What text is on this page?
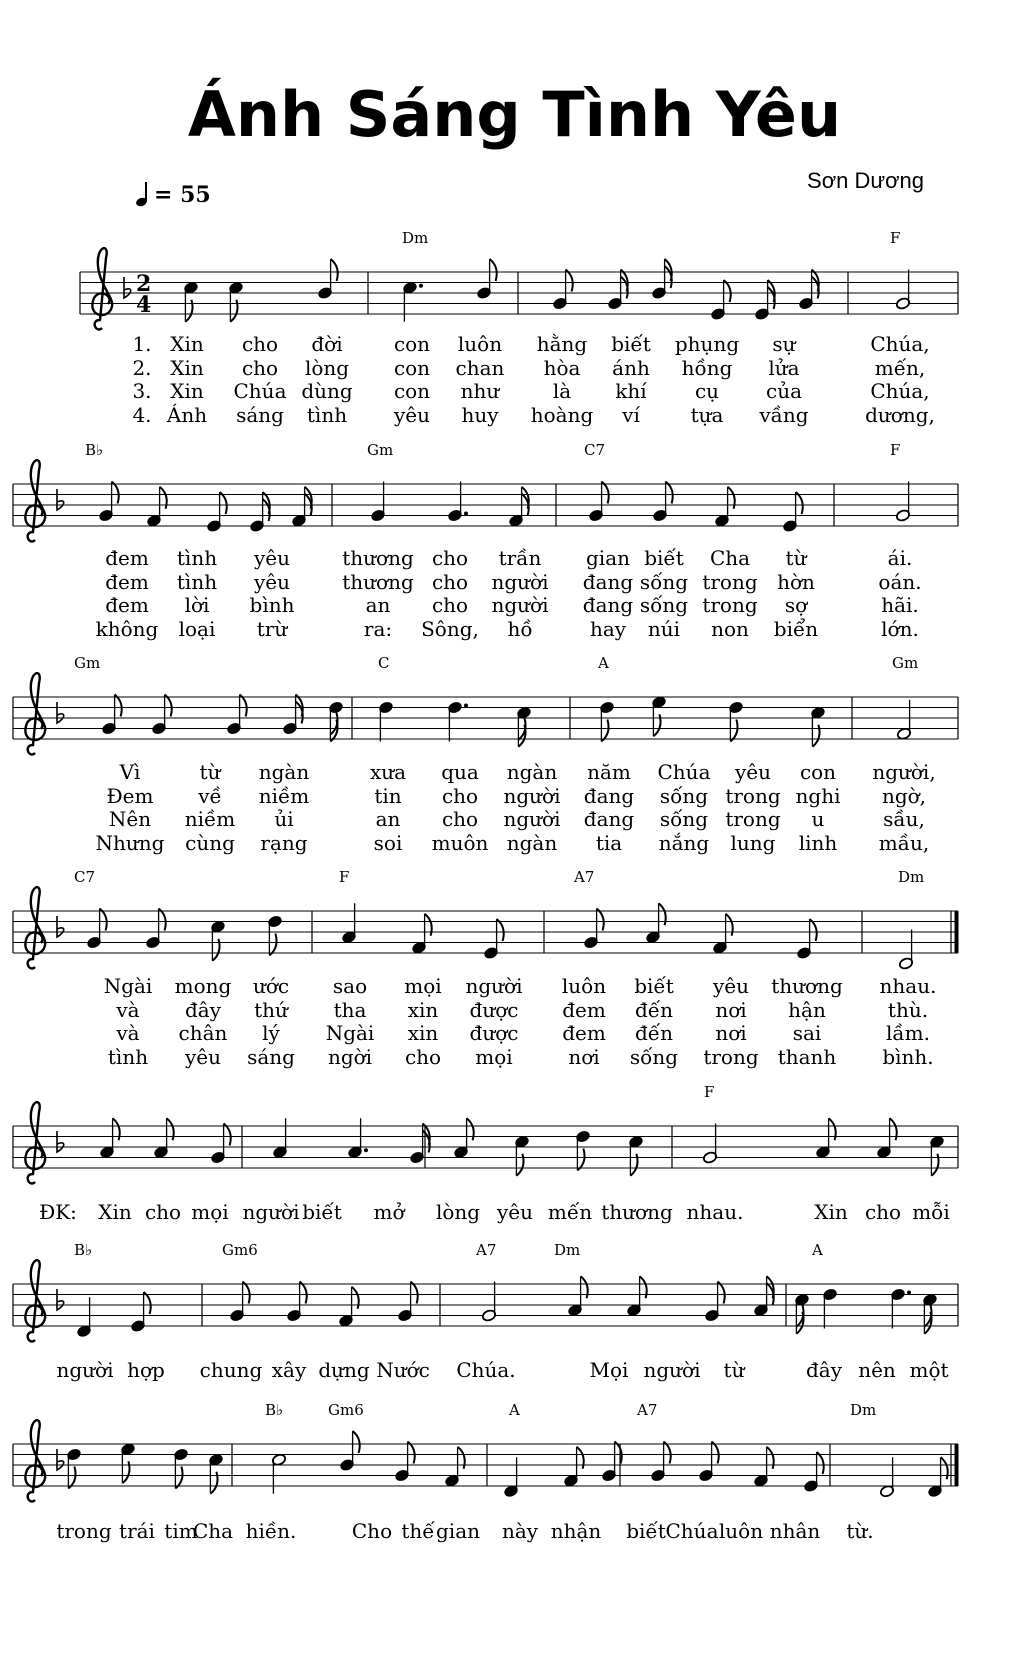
Ánh Sáng Tình Yêu
Sơn Dương
= 55
2
4
Dm	F
B♭	Gm	C7	F
Gm	C	A	Gm
C7	F	A7	Dm
F
B♭	Gm6	A7	Dm	A
B♭	Gm6	A	A7	Dm
1. Xin cho đời	con luôn hằng biết phụng sự	Chúa,
2. Xin cho lòng con chan hòa ánh hồng lửa	mến,
3. Xin Chúa dùng con như	là khí cụ của	Chúa,
4. Ánh sáng tình yêu huy hoàng ví	tựa vầng	dương,
đem tình yêu	thương cho trần gian biết Cha từ	ái.
đem tình yêu	thương cho người đang sống trong hờn	oán.
đem lời bình	an cho người đang sống trong sợ	hãi.
không loại trừ	ra: Sông, hồ	hay núi non biển	lớn.
Vì	từ ngàn	xưa qua ngàn năm Chúa yêu con người,
Đem về niềm	tin cho người đang sống trong nghi ngờ,
Nên niềm ủi	an cho người đang sống trong u	sầu,
Nhưng cùng rạng	soi muôn ngàn tia nắng lung linh mầu,
Ngài mong ước sao mọi người luôn biết yêu thương nhau.
và đây thứ tha xin được đem đến nơi hận	thù.
và chân lý Ngài xin được đem đến nơi sai	lầm.
tình yêu sáng ngời cho mọi	nơi sống trong thanh bình.
ĐK: Xin cho mọi người biết mở lòng yêu mến thương nhau.	Xin cho mỗi
người hợp chung xây dựng Nước Chúa.	Mọi người từ	đây nên một
trong trái tim
Cha hiền.	Cho thế gian này nhận biết Chúa luôn nhân từ.
